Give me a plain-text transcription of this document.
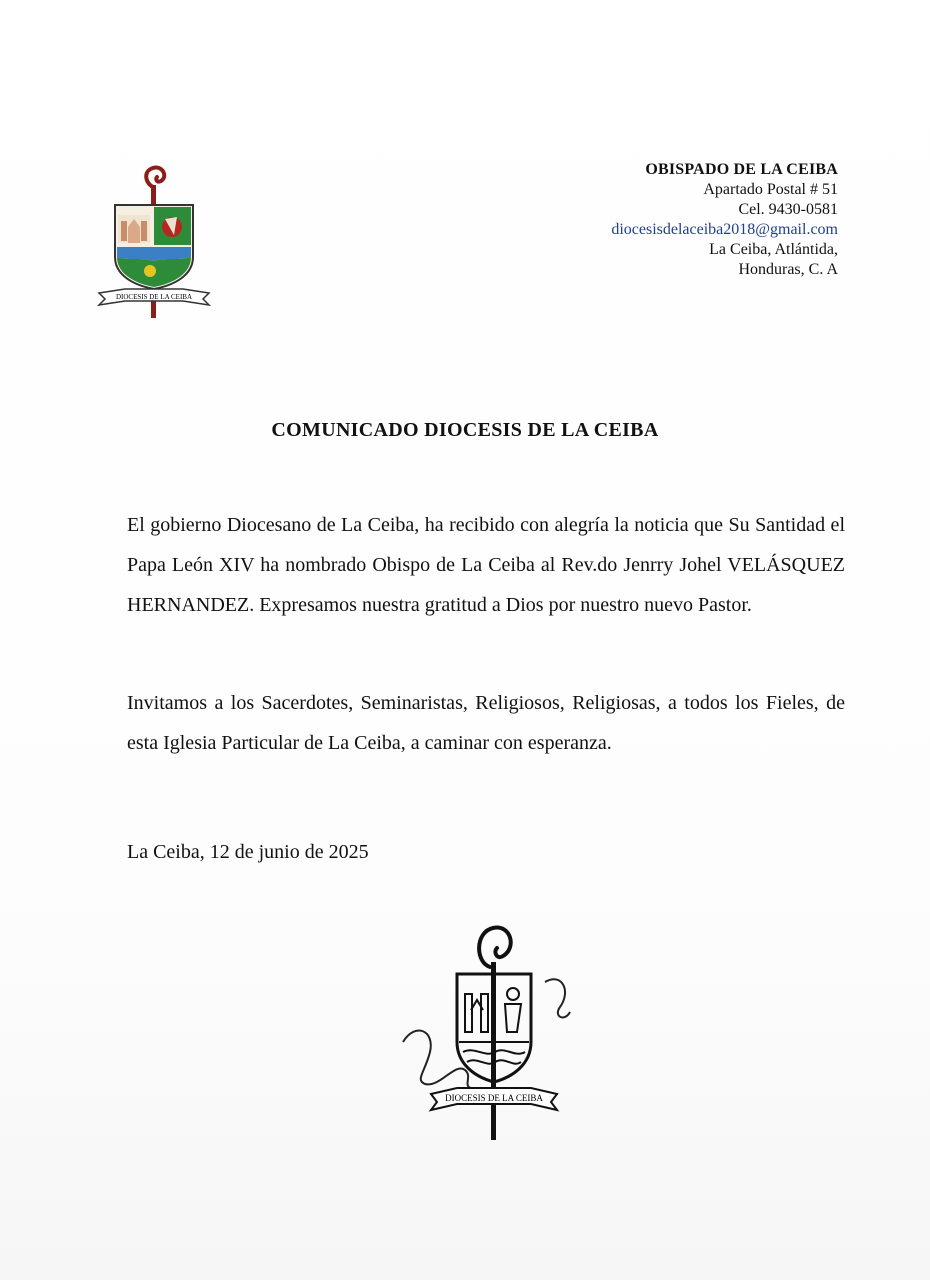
DIOCESIS DE LA CEIBA
OBISPADO DE LA CEIBA
Apartado Postal # 51
Cel. 9430-0581
diocesisdelaceiba2018@gmail.com
La Ceiba, Atlántida,
Honduras, C. A
COMUNICADO DIOCESIS DE LA CEIBA
El gobierno Diocesano de La Ceiba, ha recibido con alegría la noticia que Su Santidad el Papa León XIV ha nombrado Obispo de La Ceiba al Rev.do Jenrry Johel VELÁSQUEZ HERNANDEZ. Expresamos nuestra gratitud a Dios por nuestro nuevo Pastor.
Invitamos a los Sacerdotes, Seminaristas, Religiosos, Religiosas, a todos los Fieles, de esta Iglesia Particular de La Ceiba, a caminar con esperanza.
La Ceiba, 12 de junio de 2025
DIOCESIS DE LA CEIBA
